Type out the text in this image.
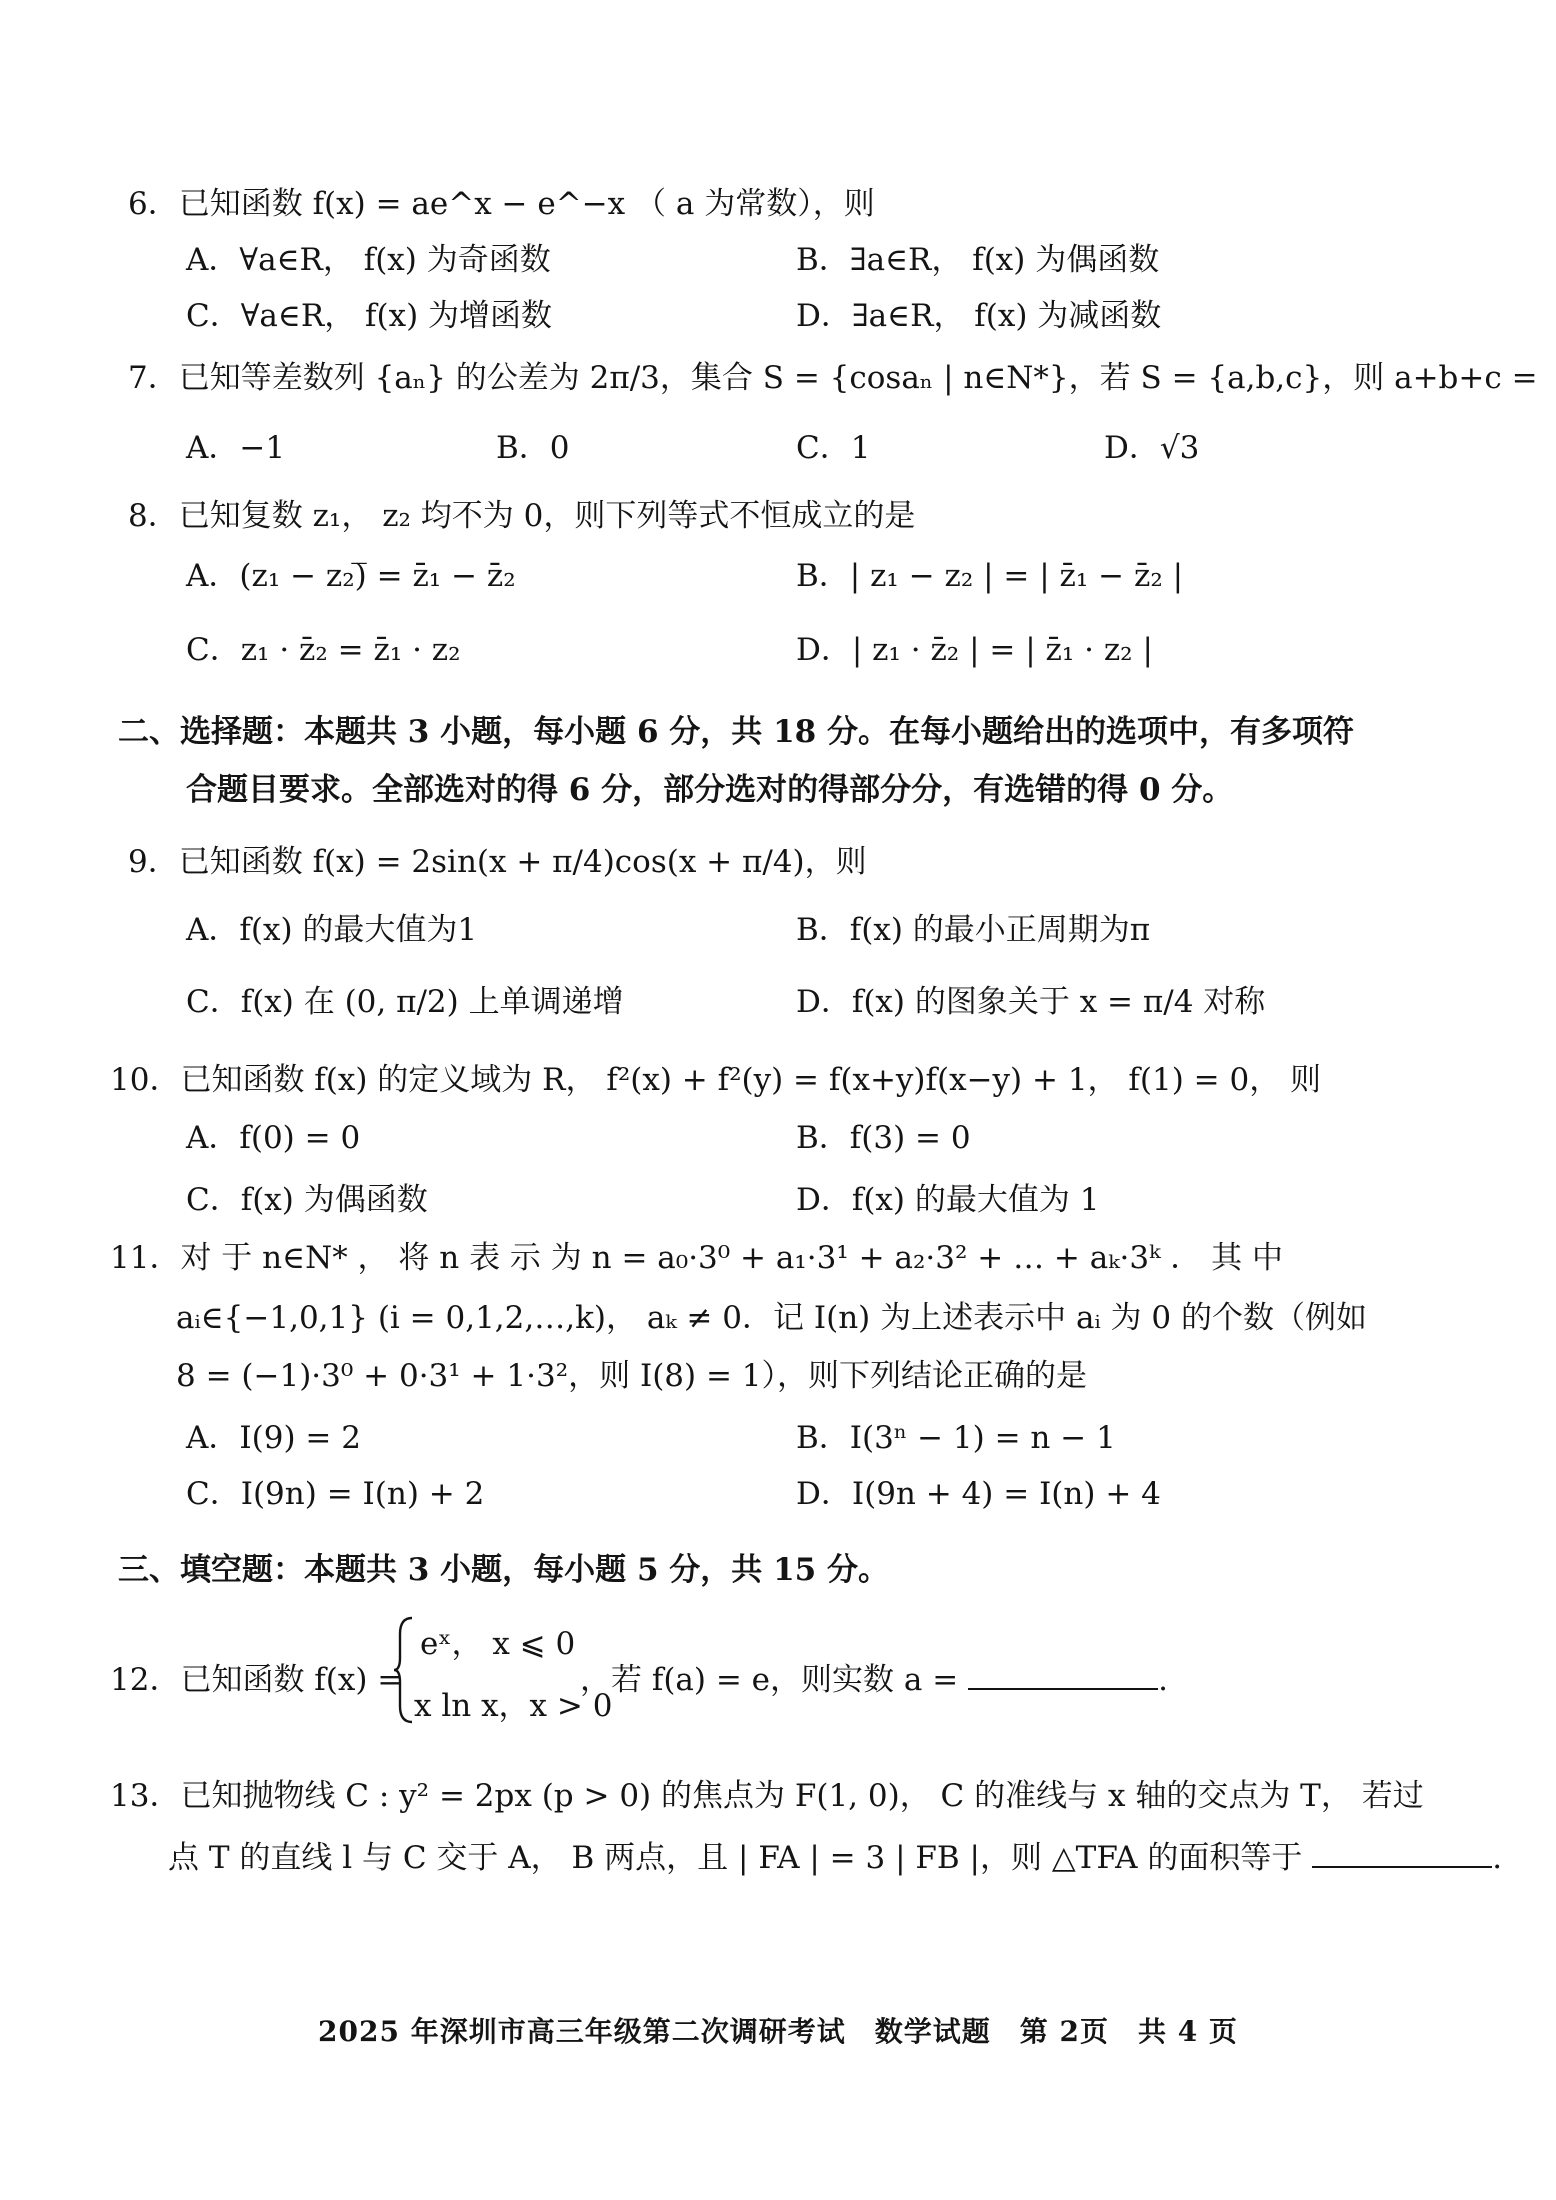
6．已知函数 f(x) = ae^x − e^−x （ a 为常数），则
A．∀a∈R， f(x) 为奇函数	B．∃a∈R， f(x) 为偶函数
C．∀a∈R， f(x) 为增函数	D．∃a∈R， f(x) 为减函数
7．已知等差数列 {aₙ} 的公差为 2π/3，集合 S = {cosaₙ | n∈N*}，若 S = {a,b,c}，则 a+b+c =
A．−1	B．0	C．1	D．√3
8．已知复数 z₁， z₂ 均不为 0，则下列等式不恒成立的是
A．(z₁ − z₂)̅ = z̄₁ − z̄₂	B．| z₁ − z₂ | = | z̄₁ − z̄₂ |
C．z₁ · z̄₂ = z̄₁ · z₂	D．| z₁ · z̄₂ | = | z̄₁ · z₂ |
二、选择题：本题共 3 小题，每小题 6 分，共 18 分。在每小题给出的选项中，有多项符
合题目要求。全部选对的得 6 分，部分选对的得部分分，有选错的得 0 分。
9．已知函数 f(x) = 2sin(x + π/4)cos(x + π/4)，则
A．f(x) 的最大值为1	B．f(x) 的最小正周期为π
C．f(x) 在 (0, π/2) 上单调递增	D．f(x) 的图象关于 x = π/4 对称
10．已知函数 f(x) 的定义域为 R， f²(x) + f²(y) = f(x+y)f(x−y) + 1， f(1) = 0， 则
A．f(0) = 0	B．f(3) = 0
C．f(x) 为偶函数	D．f(x) 的最大值为 1
11．对 于 n∈N* ， 将 n 表 示 为 n = a₀·3⁰ + a₁·3¹ + a₂·3² + … + aₖ·3ᵏ ． 其 中
aᵢ∈{−1,0,1} (i = 0,1,2,…,k)， aₖ ≠ 0．记 I(n) 为上述表示中 aᵢ 为 0 的个数（例如
8 = (−1)·3⁰ + 0·3¹ + 1·3²，则 I(8) = 1），则下列结论正确的是
A．I(9) = 2	B．I(3ⁿ − 1) = n − 1
C．I(9n) = I(n) + 2	D．I(9n + 4) = I(n) + 4
三、填空题：本题共 3 小题，每小题 5 分，共 15 分。
12．已知函数 f(x) =
eˣ， x ⩽ 0
x ln x，x > 0
，若 f(a) = e，则实数 a =	.
13．已知抛物线 C : y² = 2px (p > 0) 的焦点为 F(1, 0)， C 的准线与 x 轴的交点为 T， 若过
点 T 的直线 l 与 C 交于 A， B 两点，且 | FA | = 3 | FB |，则 △TFA 的面积等于	.
2025 年深圳市高三年级第二次调研考试　数学试题　第 2页　共 4 页
